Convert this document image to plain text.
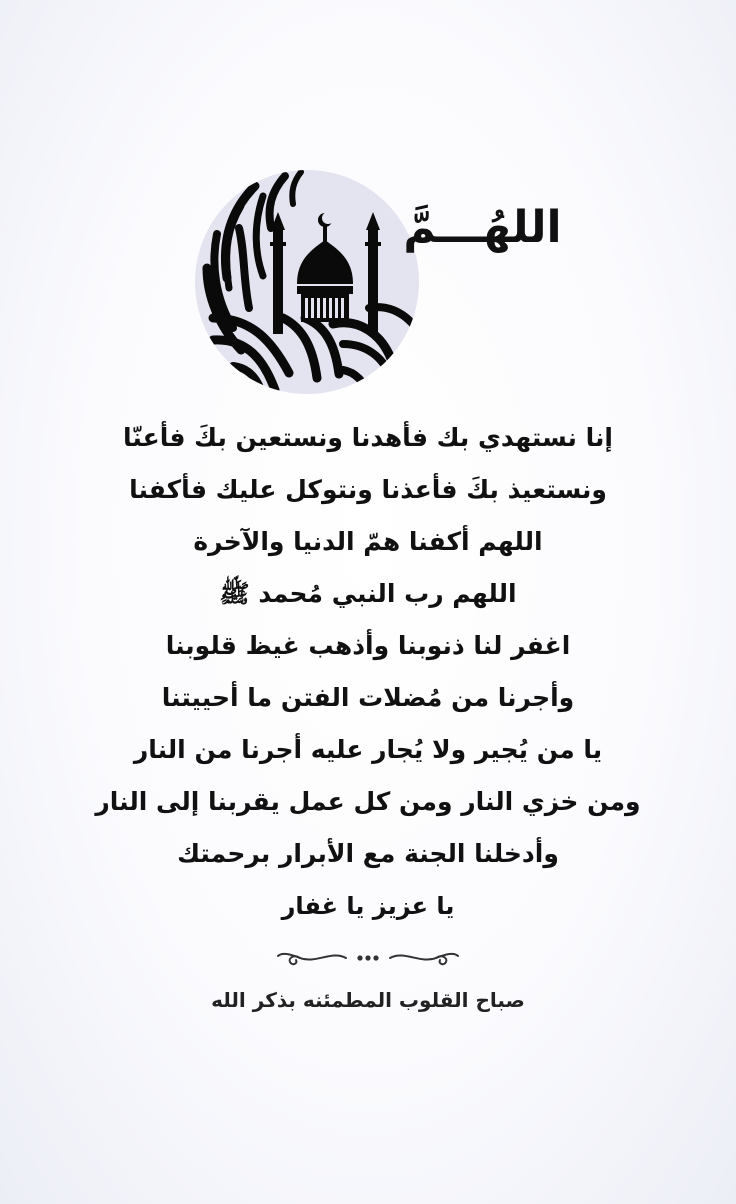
اللهُـــمَّ
إنا نستهدي بك فأهدنا ونستعين بكَ فأعنّا
ونستعيذ بكَ فأعذنا ونتوكل عليك فأكفنا
اللهم أكفنا همّ الدنيا والآخرة
اللهم رب النبي مُحمد ﷺ
اغفر لنا ذنوبنا وأذهب غيظ قلوبنا
وأجرنا من مُضلات الفتن ما أحييتنا
يا من يُجير ولا يُجار عليه أجرنا من النار
ومن خزي النار ومن كل عمل يقربنا إلى النار
وأدخلنا الجنة مع الأبرار برحمتك
يا عزيز يا غفار
صباح القلوب المطمئنه بذكر الله
